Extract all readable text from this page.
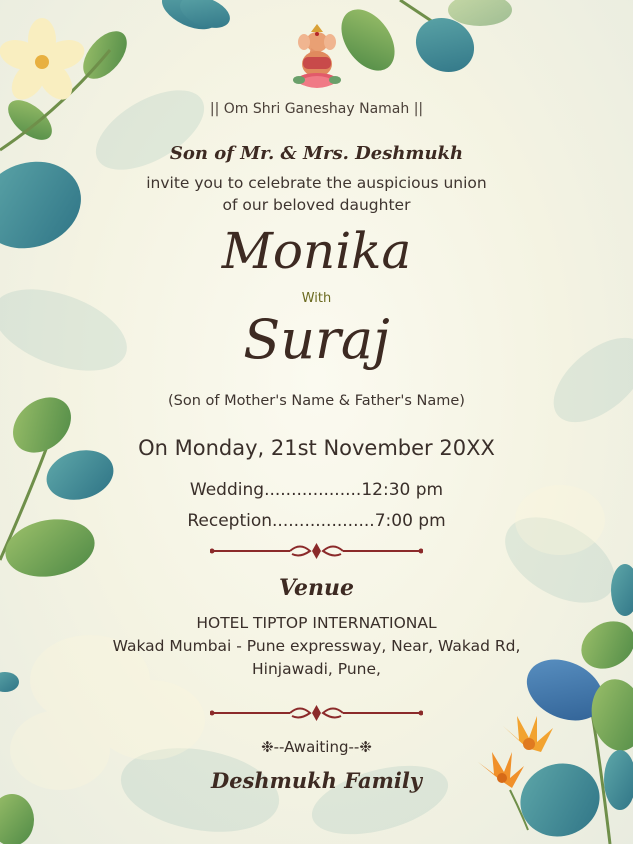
|| Om Shri Ganeshay Namah ||

Son of Mr. & Mrs. Deshmukh

invite you to celebrate the auspicious union

of our beloved daughter

Monika

With

Suraj

(Son of Mother's Name & Father's Name)

On Monday, 21st November 20XX

Wedding..................12:30 pm
Reception...................7:00 pm

Venue

HOTEL TIPTOP INTERNATIONAL

Wakad Mumbai - Pune expressway, Near, Wakad Rd,

Hinjawadi, Pune,

❉--Awaiting--❉

Deshmukh Family
